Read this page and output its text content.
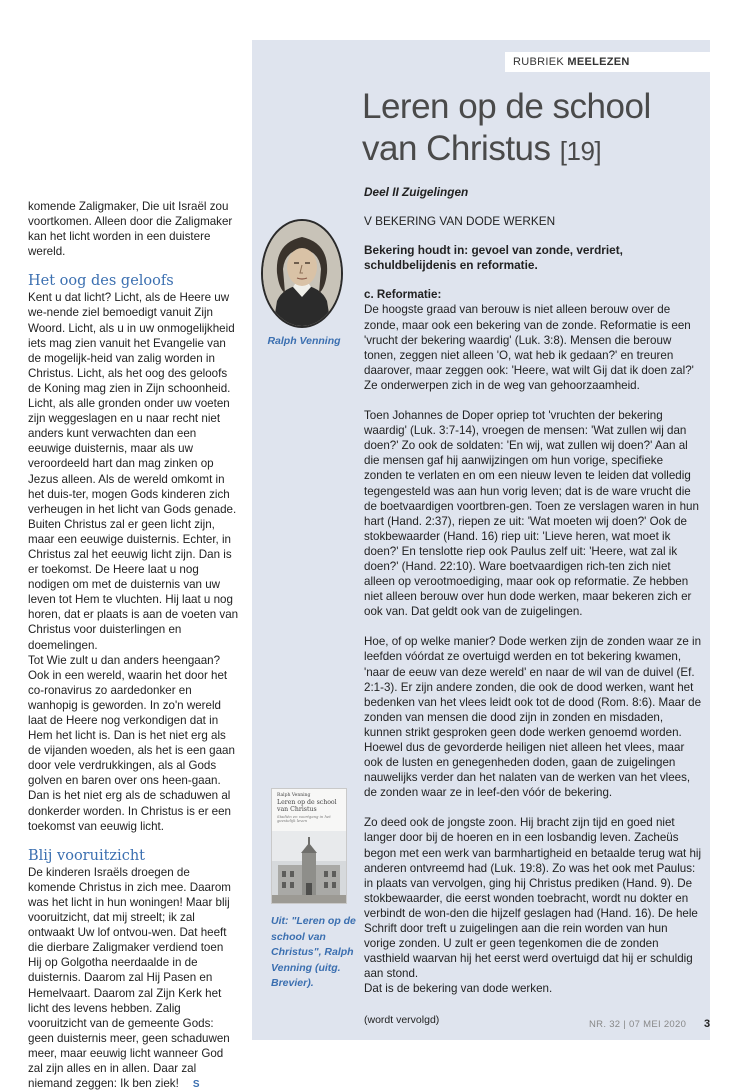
RUBRIEK MEELEZEN
Leren op de school
van Christus [19]

komende Zaligmaker, Die uit Israël zou voortkomen. Alleen door die Zaligmaker kan het licht worden in een duistere wereld.

Het oog des geloofs

Kent u dat licht? Licht, als de Heere uw we-nende ziel bemoedigt vanuit Zijn Woord. Licht, als u in uw onmogelijkheid iets mag zien vanuit het Evangelie van de mogelijk-heid van zalig worden in Christus. Licht, als het oog des geloofs de Koning mag zien in Zijn schoonheid. Licht, als alle gronden onder uw voeten zijn weggeslagen en u naar recht niet anders kunt verwachten dan een eeuwige duisternis, maar als uw veroordeeld hart dan mag zinken op Jezus alleen. Als de wereld omkomt in het duis-ter, mogen Gods kinderen zich verheugen in het licht van Gods genade.

Buiten Christus zal er geen licht zijn, maar een eeuwige duisternis. Echter, in Christus zal het eeuwig licht zijn. Dan is er toekomst. De Heere laat u nog nodigen om met de duisternis van uw leven tot Hem te vluchten. Hij laat u nog horen, dat er plaats is aan de voeten van Christus voor duisterlingen en doemelingen.

Tot Wie zult u dan anders heengaan? Ook in een wereld, waarin het door het co-ronavirus zo aardedonker en wanhopig is geworden. In zo'n wereld laat de Heere nog verkondigen dat in Hem het licht is. Dan is het niet erg als de vijanden woeden, als het is een gaan door vele verdrukkingen, als al Gods golven en baren over ons heen-gaan. Dan is het niet erg als de schaduwen al donkerder worden. In Christus is er een toekomst van eeuwig licht.

Blij vooruitzicht

De kinderen Israëls droegen de komende Christus in zich mee. Daarom was het licht in hun woningen! Maar blij vooruitzicht, dat mij streelt; ik zal ontwaakt Uw lof ontvou-wen. Dat heeft die dierbare Zaligmaker verdiend toen Hij op Golgotha neerdaalde in de duisternis. Daarom zal Hij Pasen en Hemelvaart. Daarom zal Zijn Kerk het licht des levens hebben. Zalig vooruitzicht van de gemeente Gods: geen duisternis meer, geen schaduwen meer, maar eeuwig licht wanneer God zal zijn alles en in allen. Daar zal niemand zeggen: Ik ben ziek! S

Ralph Venning

Deel II Zuigelingen

V BEKERING VAN DODE WERKEN

Bekering houdt in: gevoel van zonde, verdriet, schuldbelijdenis en reformatie.

c. Reformatie:

De hoogste graad van berouw is niet alleen berouw over de zonde, maar ook een bekering van de zonde. Reformatie is een 'vrucht der bekering waardig' (Luk. 3:8). Mensen die berouw tonen, zeggen niet alleen 'O, wat heb ik gedaan?' en treuren daarover, maar zeggen ook: 'Heere, wat wilt Gij dat ik doen zal?' Ze onderwerpen zich in de weg van gehoorzaamheid.

Toen Johannes de Doper opriep tot 'vruchten der bekering waardig' (Luk. 3:7-14), vroegen de mensen: 'Wat zullen wij dan doen?' Zo ook de soldaten: 'En wij, wat zullen wij doen?' Aan al die mensen gaf hij aanwijzingen om hun vorige, specifieke zonden te verlaten en om een nieuw leven te leiden dat volledig tegengesteld was aan hun vorig leven; dat is de ware vrucht die de boetvaardigen voortbren-gen. Toen ze verslagen waren in hun hart (Hand. 2:37), riepen ze uit: 'Wat moeten wij doen?' Ook de stokbewaarder (Hand. 16) riep uit: 'Lieve heren, wat moet ik doen?' En tenslotte riep ook Paulus zelf uit: 'Heere, wat zal ik doen?' (Hand. 22:10). Ware boetvaardigen rich-ten zich niet alleen op verootmoediging, maar ook op reformatie. Ze hebben niet alleen berouw over hun dode werken, maar bekeren zich er ook van. Dat geldt ook van de zuigelingen.

Hoe, of op welke manier? Dode werken zijn de zonden waar ze in leefden vóórdat ze overtuigd werden en tot bekering kwamen, 'naar de eeuw van deze wereld' en naar de wil van de duivel (Ef. 2:1-3). Er zijn andere zonden, die ook de dood werken, want het bedenken van het vlees leidt ook tot de dood (Rom. 8:6). Maar de zonden van mensen die dood zijn in zonden en misdaden, kunnen strikt gesproken geen dode werken genoemd worden. Hoewel dus de gevorderde heiligen niet alleen het vlees, maar ook de lusten en genegenheden doden, gaan de zuigelingen nauwelijks verder dan het nalaten van de werken van het vlees, de zonden waar ze in leef-den vóór de bekering.

Zo deed ook de jongste zoon. Hij bracht zijn tijd en goed niet langer door bij de hoeren en in een losbandig leven. Zacheüs begon met een werk van barmhartigheid en betaalde terug wat hij anderen ontvreemd had (Luk. 19:8). Zo was het ook met Paulus: in plaats van vervolgen, ging hij Christus prediken (Hand. 9). De stokbewaarder, die eerst wonden toebracht, wordt nu dokter en verbindt de won-den die hijzelf geslagen had (Hand. 16). De hele Schrift door treft u zuigelingen aan die rein worden van hun vorige zonden. U zult er geen tegenkomen die de zonden vasthield waarvan hij het eerst werd overtuigd dat hij er schuldig aan stond.

Dat is de bekering van dode werken.

(wordt vervolgd)

Ralph Venning
Leren op de school van Christus
Stadiën en voortgang in het geestelijk leven
Uit: "Leren op de school van Christus", Ralph Venning (uitg. Brevier).
NR. 32 | 07 MEI 2020 3
